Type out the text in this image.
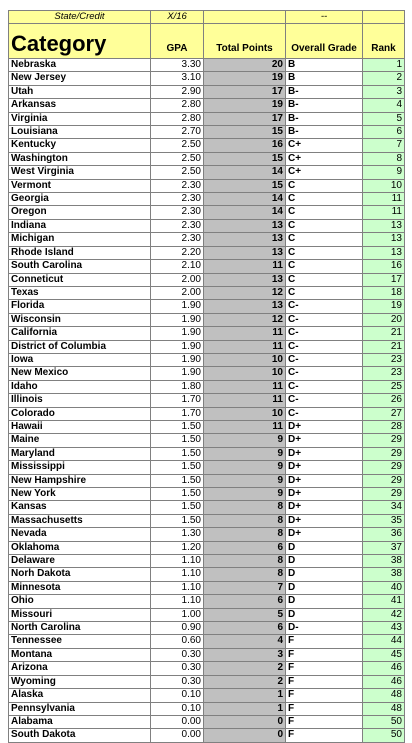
State/Credit	X/16		--	
Category	GPA	Total Points	Overall Grade	Rank
Nebraska	3.30	20	B	1
New Jersey	3.10	19	B	2
Utah	2.90	17	B-	3
Arkansas	2.80	19	B-	4
Virginia	2.80	17	B-	5
Louisiana	2.70	15	B-	6
Kentucky	2.50	16	C+	7
Washington	2.50	15	C+	8
West Virginia	2.50	14	C+	9
Vermont	2.30	15	C	10
Georgia	2.30	14	C	11
Oregon	2.30	14	C	11
Indiana	2.30	13	C	13
Michigan	2.30	13	C	13
Rhode Island	2.20	13	C	13
South Carolina	2.10	11	C	16
Conneticut	2.00	13	C	17
Texas	2.00	12	C	18
Florida	1.90	13	C-	19
Wisconsin	1.90	12	C-	20
California	1.90	11	C-	21
District of Columbia	1.90	11	C-	21
Iowa	1.90	10	C-	23
New Mexico	1.90	10	C-	23
Idaho	1.80	11	C-	25
Illinois	1.70	11	C-	26
Colorado	1.70	10	C-	27
Hawaii	1.50	11	D+	28
Maine	1.50	9	D+	29
Maryland	1.50	9	D+	29
Mississippi	1.50	9	D+	29
New Hampshire	1.50	9	D+	29
New York	1.50	9	D+	29
Kansas	1.50	8	D+	34
Massachusetts	1.50	8	D+	35
Nevada	1.30	8	D+	36
Oklahoma	1.20	6	D	37
Delaware	1.10	8	D	38
Norh Dakota	1.10	8	D	38
Minnesota	1.10	7	D	40
Ohio	1.10	6	D	41
Missouri	1.00	5	D	42
North Carolina	0.90	6	D-	43
Tennessee	0.60	4	F	44
Montana	0.30	3	F	45
Arizona	0.30	2	F	46
Wyoming	0.30	2	F	46
Alaska	0.10	1	F	48
Pennsylvania	0.10	1	F	48
Alabama	0.00	0	F	50
South Dakota	0.00	0	F	50
